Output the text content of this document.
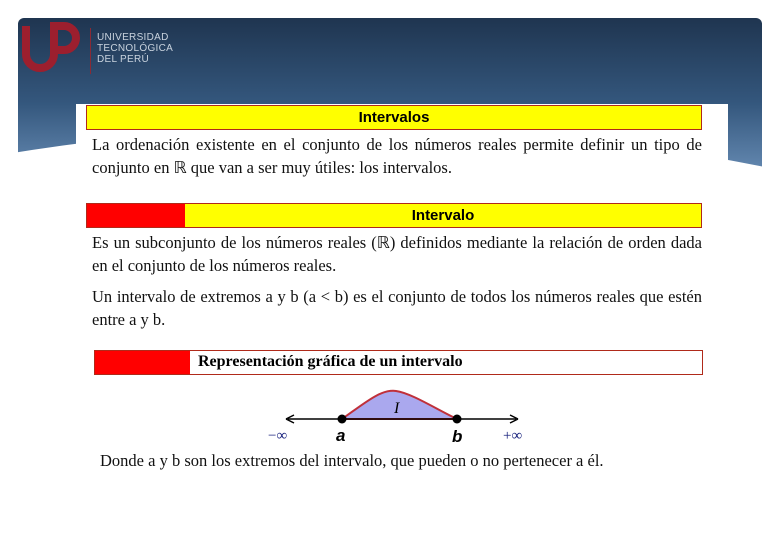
UNIVERSIDAD
TECNOLÓGICA
DEL PERÚ
Intervalos

La ordenación existente en el conjunto de los números reales permite definir un tipo de conjunto en ℝ que van a ser muy útiles: los intervalos.

Intervalo

Es un subconjunto de los números reales (ℝ) definidos mediante la relación de orden dada en el conjunto de los números reales.

Un intervalo de extremos a y b (a < b) es el conjunto de todos los números reales que estén entre a y b.

Representación gráfica de un intervalo
I
−∞	a	b	+∞

Donde a y b son los extremos del intervalo, que pueden o no pertenecer a él.
